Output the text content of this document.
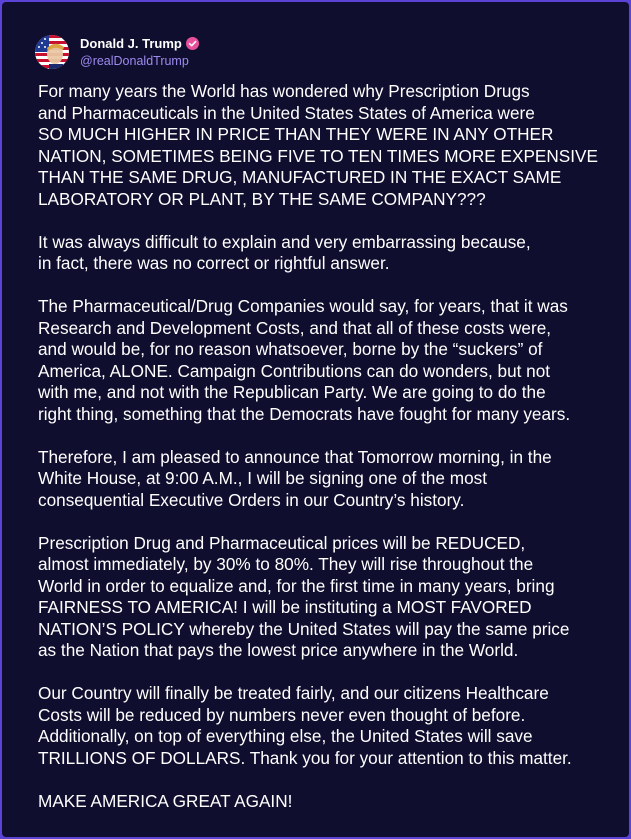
Donald J. Trump
@realDonaldTrump

For many years the World has wondered why Prescription Drugs
and Pharmaceuticals in the United States States of America were
SO MUCH HIGHER IN PRICE THAN THEY WERE IN ANY OTHER
NATION, SOMETIMES BEING FIVE TO TEN TIMES MORE EXPENSIVE
THAN THE SAME DRUG, MANUFACTURED IN THE EXACT SAME
LABORATORY OR PLANT, BY THE SAME COMPANY???

It was always difficult to explain and very embarrassing because,
in fact, there was no correct or rightful answer.

The Pharmaceutical/Drug Companies would say, for years, that it was
Research and Development Costs, and that all of these costs were,
and would be, for no reason whatsoever, borne by the “suckers” of
America, ALONE. Campaign Contributions can do wonders, but not
with me, and not with the Republican Party. We are going to do the
right thing, something that the Democrats have fought for many years.

Therefore, I am pleased to announce that Tomorrow morning, in the
White House, at 9:00 A.M., I will be signing one of the most
consequential Executive Orders in our Country’s history.

Prescription Drug and Pharmaceutical prices will be REDUCED,
almost immediately, by 30% to 80%. They will rise throughout the
World in order to equalize and, for the first time in many years, bring
FAIRNESS TO AMERICA! I will be instituting a MOST FAVORED
NATION’S POLICY whereby the United States will pay the same price
as the Nation that pays the lowest price anywhere in the World.

Our Country will finally be treated fairly, and our citizens Healthcare
Costs will be reduced by numbers never even thought of before.
Additionally, on top of everything else, the United States will save
TRILLIONS OF DOLLARS. Thank you for your attention to this matter.

MAKE AMERICA GREAT AGAIN!
